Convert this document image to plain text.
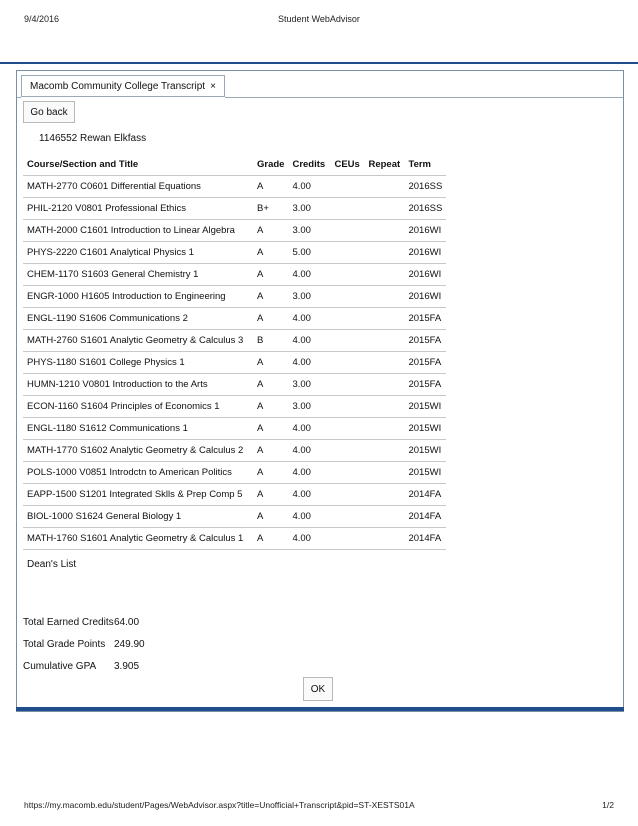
9/4/2016	Student WebAdvisor
Macomb Community College Transcript ×
Go back
1146552 Rewan Elkfass
Course/Section and Title	Grade	Credits	CEUs	Repeat	Term
MATH-2770 C0601 Differential Equations	A	4.00			2016SS
PHIL-2120 V0801 Professional Ethics	B+	3.00			2016SS
MATH-2000 C1601 Introduction to Linear Algebra	A	3.00			2016WI
PHYS-2220 C1601 Analytical Physics 1	A	5.00			2016WI
CHEM-1170 S1603 General Chemistry 1	A	4.00			2016WI
ENGR-1000 H1605 Introduction to Engineering	A	3.00			2016WI
ENGL-1190 S1606 Communications 2	A	4.00			2015FA
MATH-2760 S1601 Analytic Geometry & Calculus 3	B	4.00			2015FA
PHYS-1180 S1601 College Physics 1	A	4.00			2015FA
HUMN-1210 V0801 Introduction to the Arts	A	3.00			2015FA
ECON-1160 S1604 Principles of Economics 1	A	3.00			2015WI
ENGL-1180 S1612 Communications 1	A	4.00			2015WI
MATH-1770 S1602 Analytic Geometry & Calculus 2	A	4.00			2015WI
POLS-1000 V0851 Introdctn to American Politics	A	4.00			2015WI
EAPP-1500 S1201 Integrated Sklls & Prep Comp 5	A	4.00			2014FA
BIOL-1000 S1624 General Biology 1	A	4.00			2014FA
MATH-1760 S1601 Analytic Geometry & Calculus 1	A	4.00			2014FA
Dean's List
Total Earned Credits64.00
Total Grade Points 249.90
Cumulative GPA 3.905
OK
https://my.macomb.edu/student/Pages/WebAdvisor.aspx?title=Unofficial+Transcript&pid=ST-XESTS01A	1/2
